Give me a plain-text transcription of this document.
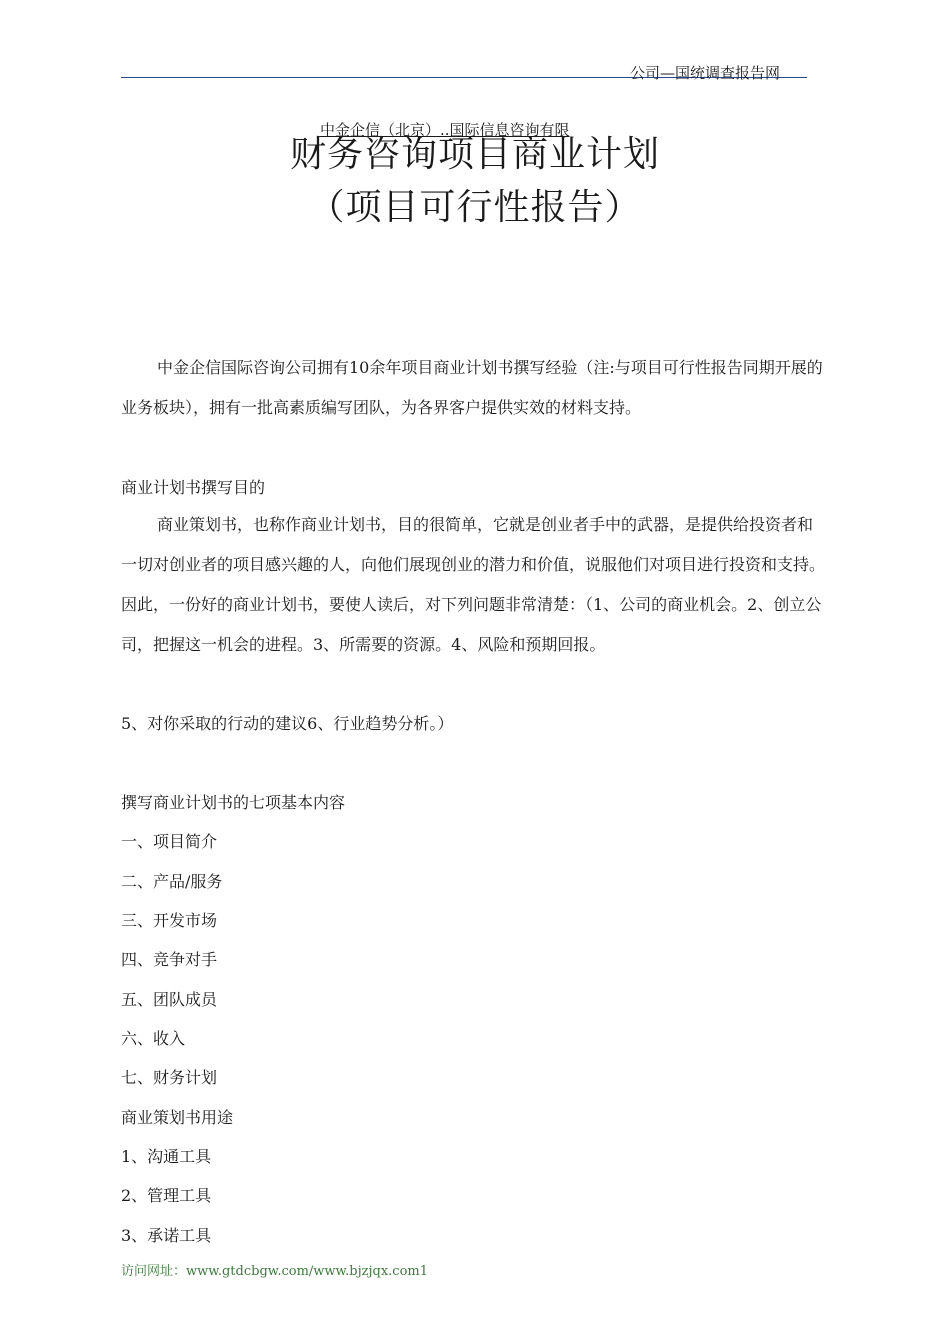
公司—国统调查报告网
中金企信（北京）..国际信息咨询有限
财务咨询项目商业计划
（项目可行性报告）

中金企信国际咨询公司拥有10余年项目商业计划书撰写经验（注:与项目可行性报告同期开展的业务板块），拥有一批高素质编写团队，为各界客户提供实效的材料支持。

商业计划书撰写目的

商业策划书，也称作商业计划书，目的很简单，它就是创业者手中的武器，是提供给投资者和一切对创业者的项目感兴趣的人，向他们展现创业的潜力和价值，说服他们对项目进行投资和支持。因此，一份好的商业计划书，要使人读后，对下列问题非常清楚：（1、公司的商业机会。2、创立公司，把握这一机会的进程。3、所需要的资源。4、风险和预期回报。

5、对你采取的行动的建议6、行业趋势分析。）
撰写商业计划书的七项基本内容
一、项目简介
二、产品/服务
三、开发市场
四、竞争对手
五、团队成员
六、收入
七、财务计划
商业策划书用途
1、沟通工具
2、管理工具
3、承诺工具
访问网址：www.gtdcbgw.com/www.bjzjqx.com1
